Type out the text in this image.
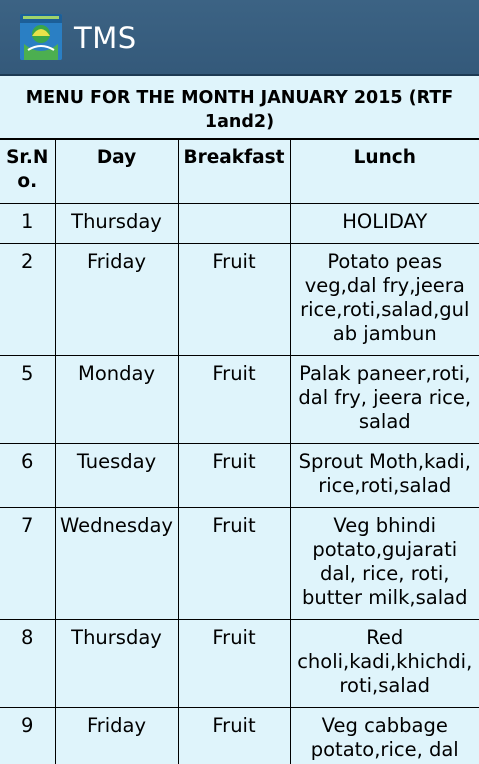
TMS
MENU FOR THE MONTH JANUARY 2015 (RTF 1and2)
Sr.No.	Day	Breakfast	Lunch
1	Thursday		HOLIDAY
2	Friday	Fruit	Potato peas veg,dal fry,jeera rice,roti,salad,gulab jambun
5	Monday	Fruit	Palak paneer,roti, dal fry, jeera rice, salad
6	Tuesday	Fruit	Sprout Moth,kadi, rice,roti,salad
7	Wednesday	Fruit	Veg bhindi potato,gujarati dal, rice, roti, butter milk,salad
8	Thursday	Fruit	Red choli,kadi,khichdi,roti,salad
9	Friday	Fruit	Veg cabbage potato,rice, dal
